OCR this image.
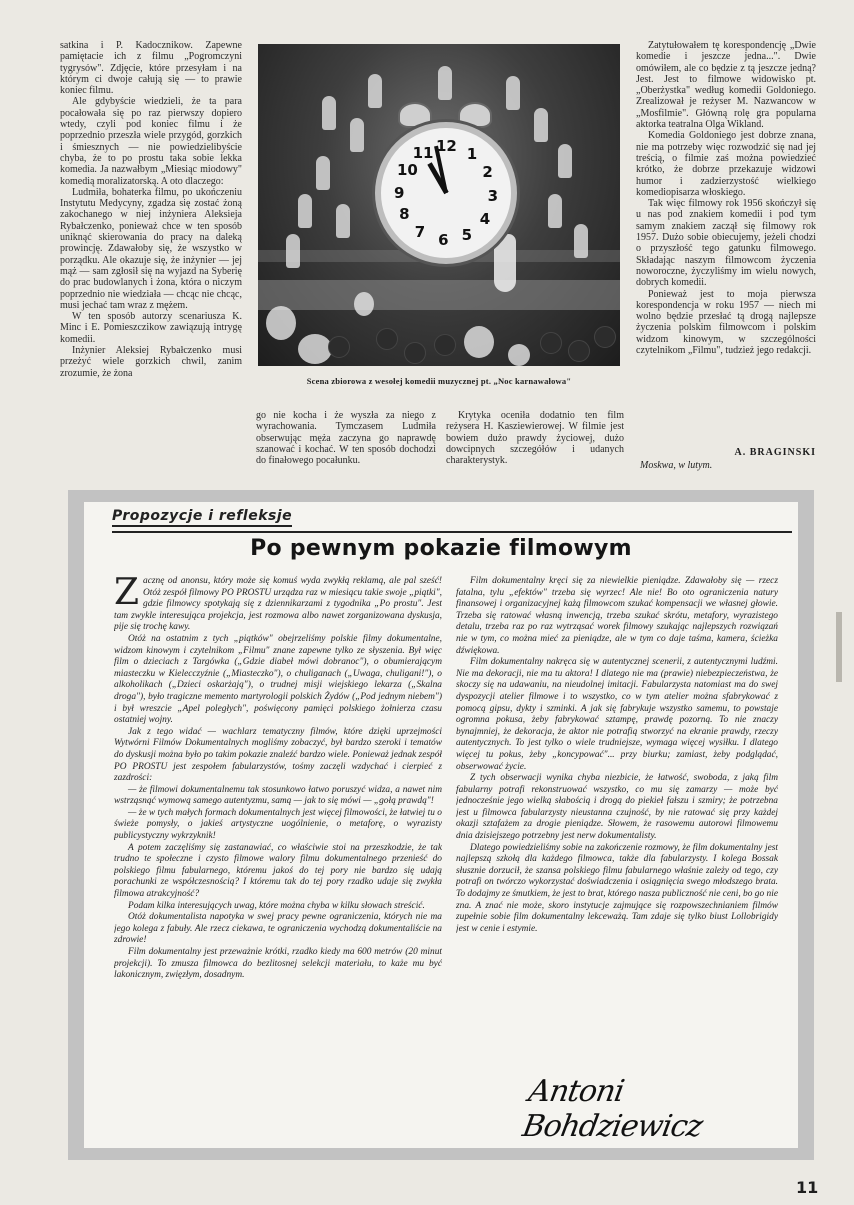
satkina i P. Kadocznikow. Zapewne pamiętacie ich z filmu „Pogromczyni tygrysów". Zdjęcie, które przesyłam i na którym ci dwoje całują się — to prawie koniec filmu.

Ale gdybyście wiedzieli, że ta para pocałowała się po raz pierwszy dopiero wtedy, czyli pod koniec filmu i że poprzednio przeszła wiele przygód, gorzkich i śmiesznych — nie powiedzielibyście chyba, że to po prostu taka sobie lekka komedia. Ja nazwałbym „Miesiąc miodowy" komedią moralizatorską. A oto dlaczego:

Ludmiła, bohaterka filmu, po ukończeniu Instytutu Medycyny, zgadza się zostać żoną zakochanego w niej inżyniera Aleksieja Rybałczenko, ponieważ chce w ten sposób uniknąć skierowania do pracy na daleką prowincję. Zdawałoby się, że wszystko w porządku. Ale okazuje się, że inżynier — jej mąż — sam zgłosił się na wyjazd na Syberię do prac budowlanych i żona, która o niczym poprzednio nie wiedziała — chcąc nie chcąc, musi jechać tam wraz z mężem.

W ten sposób autorzy scenariusza K. Minc i E. Pomieszczikow zawiązują intrygę komedii.

Inżynier Aleksiej Rybałczenko musi przeżyć wiele gorzkich chwil, zanim zrozumie, że żona

12 1
2
3
4
5
6
7
8
9
10
11
Scena zbiorowa z wesołej komedii muzycznej pt. „Noc karnawałowa"

Zatytułowałem tę korespondencję „Dwie komedie i jeszcze jedna...". Dwie omówiłem, ale co będzie z tą jeszcze jedną? Jest. Jest to filmowe widowisko pt. „Oberżystka" według komedii Goldoniego. Zrealizował je reżyser M. Nazwancow w „Mosfilmie". Główną rolę gra popularna aktorka teatralna Olga Wikland.

Komedia Goldoniego jest dobrze znana, nie ma potrzeby więc rozwodzić się nad jej treścią, o filmie zaś można powiedzieć krótko, że dobrze przekazuje widzowi humor i zadzierzystość wielkiego komediopisarza włoskiego.

Tak więc filmowy rok 1956 skończył się u nas pod znakiem komedii i pod tym samym znakiem zaczął się filmowy rok 1957. Dużo sobie obiecujemy, jeżeli chodzi o przyszłość tego gatunku filmowego. Składając naszym filmowcom życzenia noworoczne, życzyliśmy im wielu nowych, dobrych komedii.

Ponieważ jest to moja pierwsza korespondencja w roku 1957 — niech mi wolno będzie przesłać tą drogą najlepsze życzenia polskim filmowcom i polskim widzom kinowym, w szczególności czytelnikom „Filmu", tudzież jego redakcji.

A. BRAGINSKI
Moskwa, w lutym.

go nie kocha i że wyszła za niego z wyrachowania. Tymczasem Ludmiła obserwując męża zaczyna go naprawdę szanować i kochać. W ten sposób dochodzi do finałowego pocałunku.

Krytyka oceniła dodatnio ten film reżysera H. Kasziewierowej. W filmie jest bowiem dużo prawdy życiowej, dużo dowcipnych szczegółów i udanych charakterystyk.

Propozycje i refleksje
Po pewnym pokazie filmowym

Zacznę od anonsu, który może się komuś wyda zwykłą reklamą, ale pal sześć! Otóż zespół filmowy PO PROSTU urządza raz w miesiącu takie swoje „piątki", gdzie filmowcy spotykają się z dziennikarzami z tygodnika „Po prostu". Jest tam zwykle interesująca projekcja, jest rozmowa albo nawet zorganizowana dyskusja, pije się trochę kawy.

Otóż na ostatnim z tych „piątków" obejrzeliśmy polskie filmy dokumentalne, widzom kinowym i czytelnikom „Filmu" znane zapewne tylko ze słyszenia. Był więc film o dzieciach z Targówka („Gdzie diabeł mówi dobranoc"), o obumierającym miasteczku w Kielecczyźnie („Miasteczko"), o chuliganach („Uwaga, chuligani!"), o alkoholikach („Dzieci oskarżają"), o trudnej misji wiejskiego lekarza („Skalna droga"), było tragiczne memento martyrologii polskich Żydów („Pod jednym niebem") i był wreszcie „Apel poległych", poświęcony pamięci polskiego żołnierza czasu ostatniej wojny.

Jak z tego widać — wachlarz tematyczny filmów, które dzięki uprzejmości Wytwórni Filmów Dokumentalnych mogliśmy zobaczyć, był bardzo szeroki i tematów do dyskusji można było po takim pokazie znaleźć bardzo wiele. Ponieważ jednak zespół PO PROSTU jest zespołem fabularzystów, tośmy zaczęli wzdychać i cierpieć z zazdrości:

— że filmowi dokumentalnemu tak stosunkowo łatwo poruszyć widza, a nawet nim wstrząsnąć wymową samego autentyzmu, samą — jak to się mówi — „gołą prawdą"!

— że w tych małych formach dokumentalnych jest więcej filmowości, że łatwiej tu o świeże pomysły, o jakieś artystyczne uogólnienie, o metaforę, o wyrazisty publicystyczny wykrzyknik!

A potem zaczęliśmy się zastanawiać, co właściwie stoi na przeszkodzie, że tak trudno te społeczne i czysto filmowe walory filmu dokumentalnego przenieść do polskiego filmu fabularnego, któremu jakoś do tej pory nie bardzo się udają porachunki ze współczesnością? I któremu tak do tej pory rzadko udaje się zwykła filmowa atrakcyjność?

Podam kilka interesujących uwag, które można chyba w kilku słowach streścić.

Otóż dokumentalista napotyka w swej pracy pewne ograniczenia, których nie ma jego kolega z fabuły. Ale rzecz ciekawa, te ograniczenia wychodzą dokumentaliście na zdrowie!

Film dokumentalny jest przeważnie krótki, rzadko kiedy ma 600 metrów (20 minut projekcji). To zmusza filmowca do bezlitosnej selekcji materiału, to każe mu być lakonicznym, zwięzłym, dosadnym.

Film dokumentalny kręci się za niewielkie pieniądze. Zdawałoby się — rzecz fatalna, tylu „efektów" trzeba się wyrzec! Ale nie! Bo oto ograniczenia natury finansowej i organizacyjnej każą filmowcom szukać kompensacji we własnej głowie. Trzeba się ratować własną inwencją, trzeba szukać skrótu, metafory, wyrazistego detalu, trzeba raz po raz wytrząsać worek filmowy szukając najlepszych rozwiązań nie w tym, co można mieć za pieniądze, ale w tym co daje taśma, kamera, ścieżka dźwiękowa.

Film dokumentalny nakręca się w autentycznej scenerii, z autentycznymi ludźmi. Nie ma dekoracji, nie ma tu aktora! I dlatego nie ma (prawie) niebezpieczeństwa, że skoczy się na udawaniu, na nieudolnej imitacji. Fabularzysta natomiast ma do swej dyspozycji atelier filmowe i to wszystko, co w tym atelier można sfabrykować z pomocą gipsu, dykty i szminki. A jak się fabrykuje wszystko samemu, to powstaje ogromna pokusa, żeby fabrykować sztampę, prawdę pozorną. To nie znaczy bynajmniej, że dekoracja, że aktor nie potrafią stworzyć na ekranie prawdy, rzeczy autentycznych. To jest tylko o wiele trudniejsze, wymaga więcej wysiłku. I dlatego więcej tu pokus, żeby „koncypować"... przy biurku; zamiast, żeby podglądać, obserwować życie.

Z tych obserwacji wynika chyba niezbicie, że łatwość, swoboda, z jaką film fabularny potrafi rekonstruować wszystko, co mu się zamarzy — może być jednocześnie jego wielką słabością i drogą do piekieł fałszu i szmiry; że potrzebna jest u filmowca fabularzysty nieustanna czujność, by nie ratować się przy każdej okazji sztafażem za drogie pieniądze. Słowem, że rasowemu autorowi filmowemu dnia dzisiejszego potrzebny jest nerw dokumentalisty.

Dlatego powiedzieliśmy sobie na zakończenie rozmowy, że film dokumentalny jest najlepszą szkołą dla każdego filmowca, także dla fabularzysty. I kolega Bossak słusznie dorzucił, że szansa polskiego filmu fabularnego właśnie zależy od tego, czy potrafi on twórczo wykorzystać doświadczenia i osiągnięcia swego młodszego brata. To dodajmy ze śmutkiem, że jest to brat, którego nasza publiczność nie ceni, bo go nie zna. A znać nie może, skoro instytucje zajmujące się rozpowszechnianiem filmów zupełnie sobie film dokumentalny lekceważą. Tam zdaje się tylko biust Lollobrigidy jest w cenie i estymie.

Antoni Bohdziewicz
11
